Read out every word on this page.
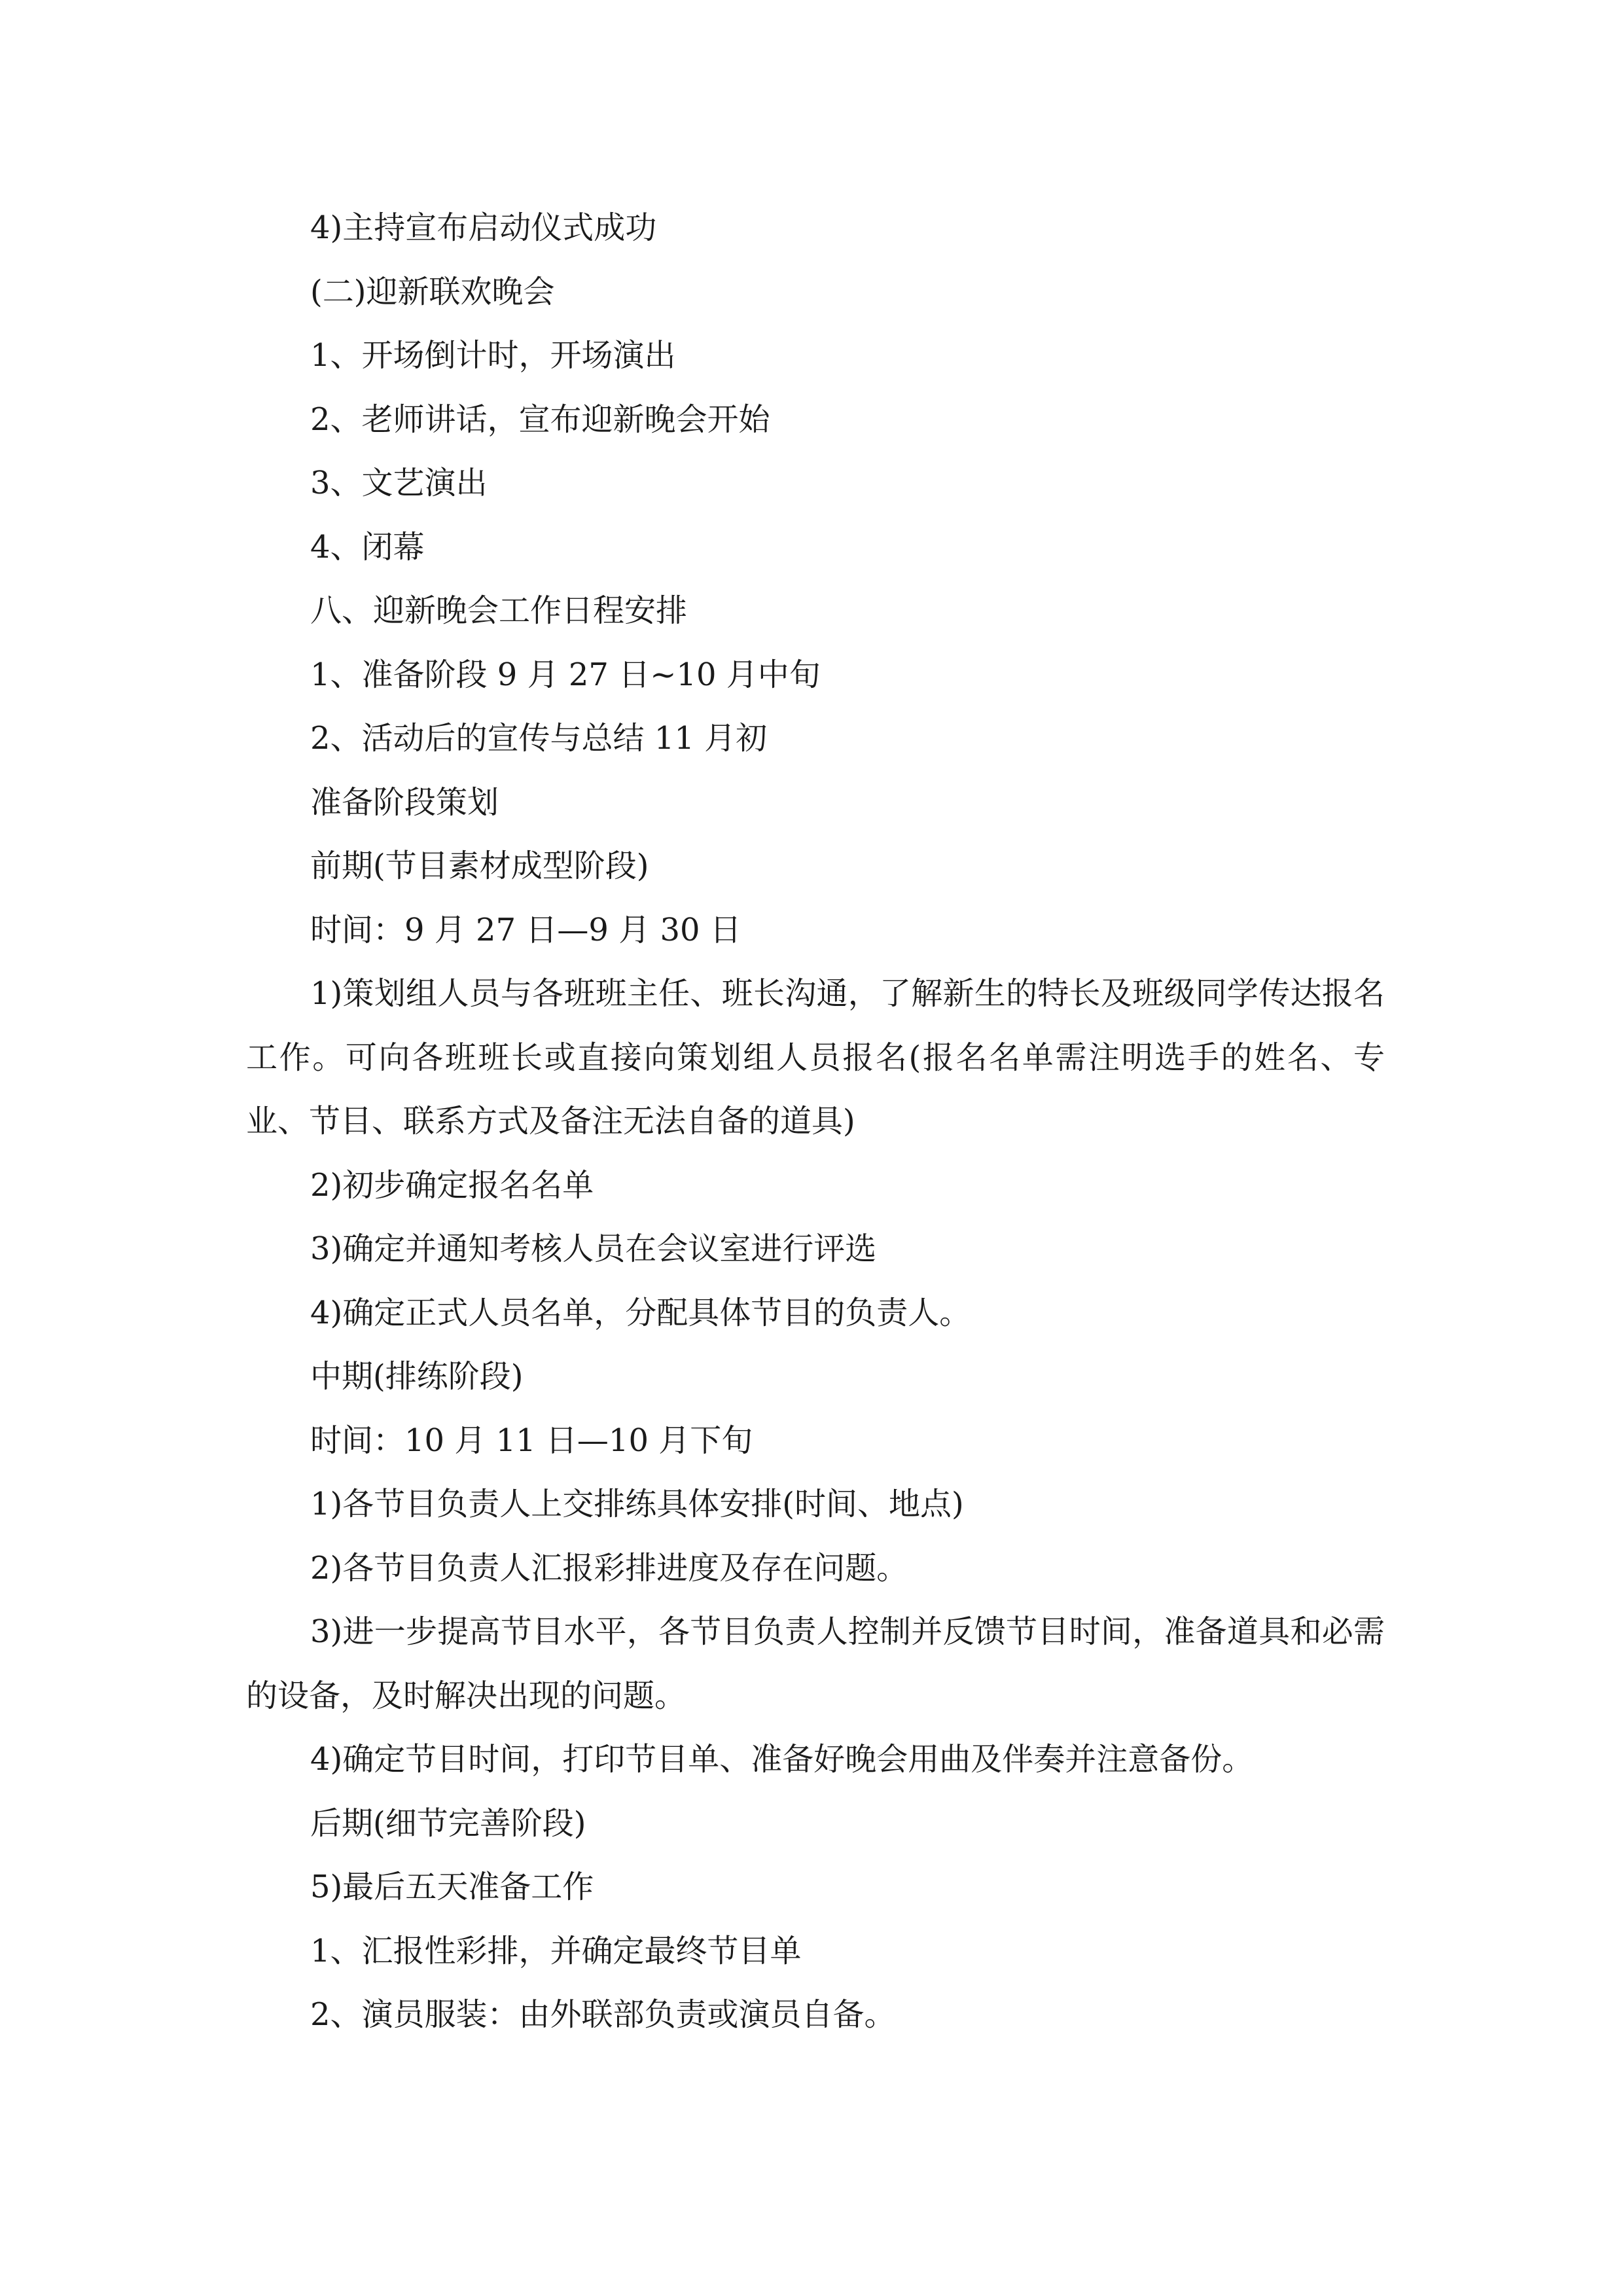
4)主持宣布启动仪式成功

(二)迎新联欢晚会

1、开场倒计时，开场演出

2、老师讲话，宣布迎新晚会开始

3、文艺演出

4、闭幕

八、迎新晚会工作日程安排

1、准备阶段 9 月 27 日~10 月中旬

2、活动后的宣传与总结 11 月初

准备阶段策划

前期(节目素材成型阶段)

时间：9 月 27 日—9 月 30 日

1)策划组人员与各班班主任、班长沟通，了解新生的特长及班级同学传达报名工作。可向各班班长或直接向策划组人员报名(报名名单需注明选手的姓名、专业、节目、联系方式及备注无法自备的道具)

2)初步确定报名名单

3)确定并通知考核人员在会议室进行评选

4)确定正式人员名单，分配具体节目的负责人。

中期(排练阶段)

时间：10 月 11 日—10 月下旬

1)各节目负责人上交排练具体安排(时间、地点)

2)各节目负责人汇报彩排进度及存在问题。

3)进一步提高节目水平，各节目负责人控制并反馈节目时间，准备道具和必需的设备，及时解决出现的问题。

4)确定节目时间，打印节目单、准备好晚会用曲及伴奏并注意备份。

后期(细节完善阶段)

5)最后五天准备工作

1、汇报性彩排，并确定最终节目单

2、演员服装：由外联部负责或演员自备。
